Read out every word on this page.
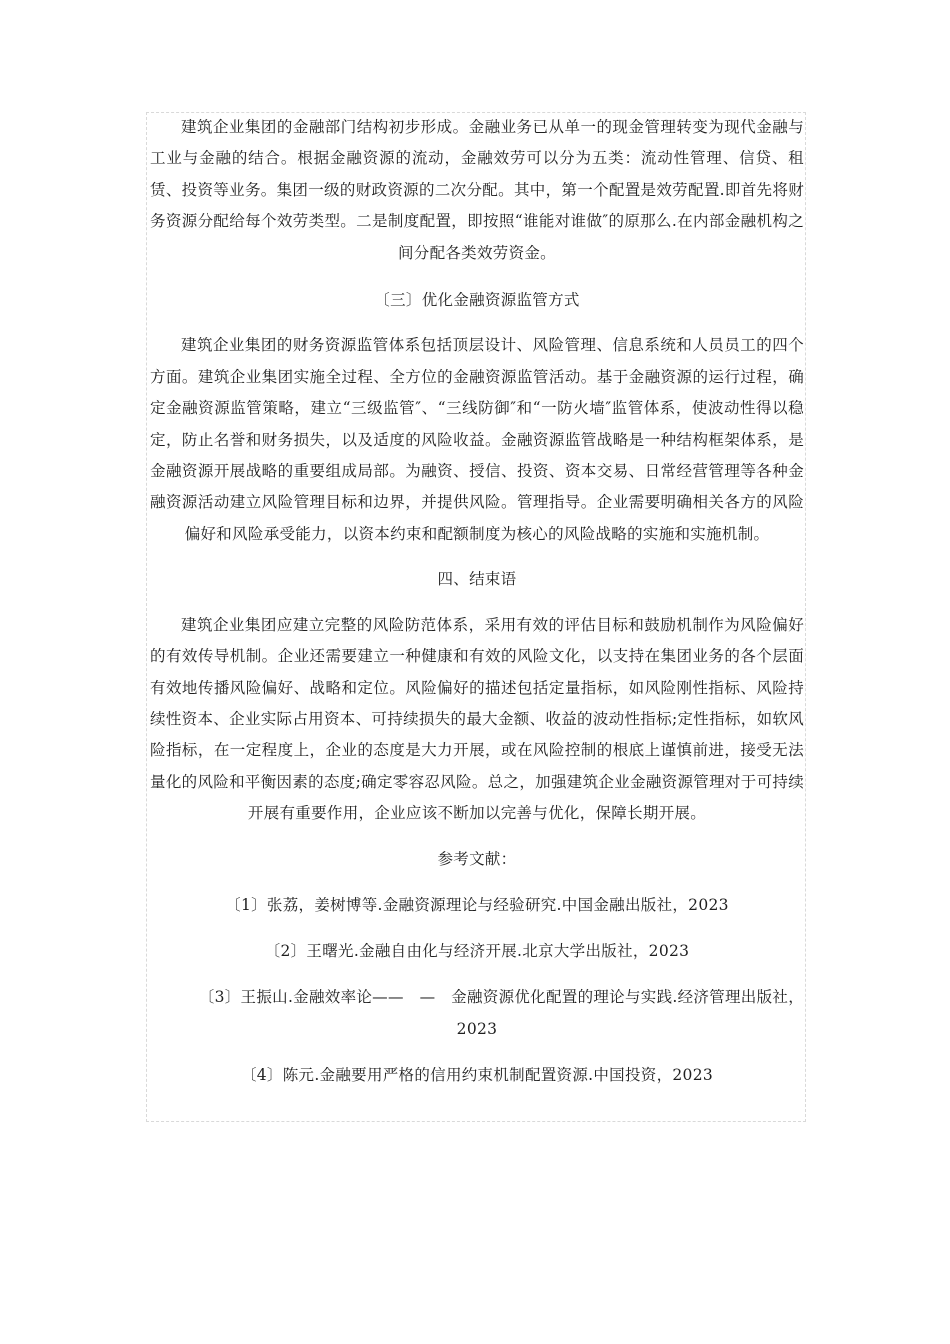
建筑企业集团的金融部门结构初步形成。金融业务已从单一的现金管理转变为现代金融与工业与金融的结合。根据金融资源的流动，金融效劳可以分为五类：流动性管理、信贷、租赁、投资等业务。集团一级的财政资源的二次分配。其中，第一个配置是效劳配置.即首先将财务资源分配给每个效劳类型。二是制度配置，即按照“谁能对谁做″的原那么.在内部金融机构之间分配各类效劳资金。

〔三〕优化金融资源监管方式

建筑企业集团的财务资源监管体系包括顶层设计、风险管理、信息系统和人员员工的四个方面。建筑企业集团实施全过程、全方位的金融资源监管活动。基于金融资源的运行过程，确定金融资源监管策略，建立“三级监管″、“三线防御″和“一防火墙″监管体系，使波动性得以稳定，防止名誉和财务损失，以及适度的风险收益。金融资源监管战略是一种结构框架体系，是金融资源开展战略的重要组成局部。为融资、授信、投资、资本交易、日常经营管理等各种金融资源活动建立风险管理目标和边界，并提供风险。管理指导。企业需要明确相关各方的风险偏好和风险承受能力，以资本约束和配额制度为核心的风险战略的实施和实施机制。

四、结束语

建筑企业集团应建立完整的风险防范体系，采用有效的评估目标和鼓励机制作为风险偏好的有效传导机制。企业还需要建立一种健康和有效的风险文化，以支持在集团业务的各个层面有效地传播风险偏好、战略和定位。风险偏好的描述包括定量指标，如风险刚性指标、风险持续性资本、企业实际占用资本、可持续损失的最大金额、收益的波动性指标;定性指标，如软风险指标，在一定程度上，企业的态度是大力开展，或在风险控制的根底上谨慎前进，接受无法量化的风险和平衡因素的态度;确定零容忍风险。总之，加强建筑企业金融资源管理对于可持续开展有重要作用，企业应该不断加以完善与优化，保障长期开展。

参考文献：

〔1〕张荔，姜树博等.金融资源理论与经验研究.中国金融出版社，2023

〔2〕王曙光.金融自由化与经济开展.北京大学出版社，2023

〔3〕王振山.金融效率论——　—　金融资源优化配置的理论与实践.经济管理出版社，

2023

〔4〕陈元.金融要用严格的信用约束机制配置资源.中国投资，2023
